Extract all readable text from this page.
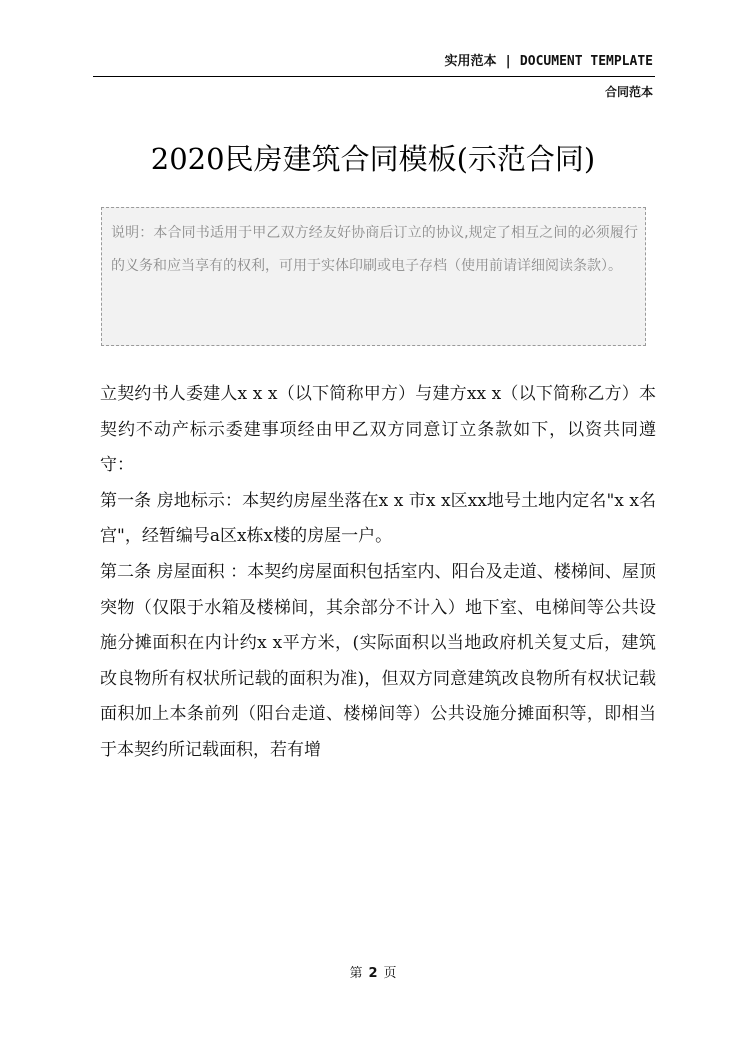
实用范本 | DOCUMENT TEMPLATE
合同范本
2020民房建筑合同模板(示范合同)
说明：本合同书适用于甲乙双方经友好协商后订立的协议,规定了相互之间的必须履行的义务和应当享有的权利，可用于实体印刷或电子存档（使用前请详细阅读条款）。

立契约书人委建人x x x（以下简称甲方）与建方xx x（以下简称乙方）本契约不动产标示委建事项经由甲乙双方同意订立条款如下，以资共同遵守：

第一条 房地标示：本契约房屋坐落在x x 市x x区xx地号土地内定名"x x名宫"，经暂编号a区x栋x楼的房屋一户。

第二条 房屋面积 ：本契约房屋面积包括室内、阳台及走道、楼梯间、屋顶突物（仅限于水箱及楼梯间，其余部分不计入）地下室、电梯间等公共设施分摊面积在内计约x x平方米，(实际面积以当地政府机关复丈后，建筑改良物所有权状所记载的面积为准)，但双方同意建筑改良物所有权状记载面积加上本条前列（阳台走道、楼梯间等）公共设施分摊面积等，即相当于本契约所记载面积，若有增

第 2 页
